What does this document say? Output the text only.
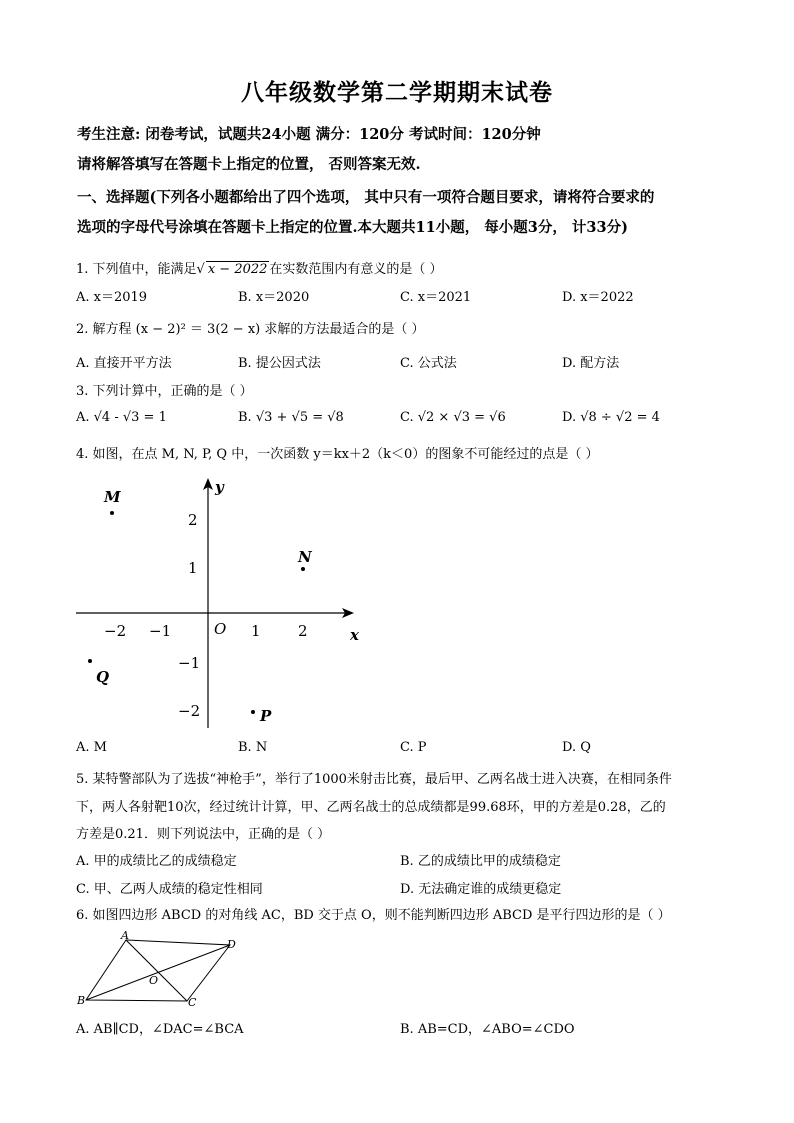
八年级数学第二学期期末试卷
考生注意: 闭卷考试，试题共24小题 满分：120分 考试时间：120分钟
请将解答填写在答题卡上指定的位置， 否则答案无效.
一、选择题(下列各小题都给出了四个选项， 其中只有一项符合题目要求，请将符合要求的
选项的字母代号涂填在答题卡上指定的位置.本大题共11小题， 每小题3分， 计33分)
1. 下列值中，能满足√ x − 2022 在实数范围内有意义的是（ ）
A. x＝2019	B. x＝2020	C. x＝2021	D. x＝2022
2. 解方程 (x − 2)² ＝ 3(2 − x) 求解的方法最适合的是（ ）
A. 直接开平方法	B. 提公因式法	C. 公式法	D. 配方法
3. 下列计算中，正确的是（ ）
A. √4 - √3 = 1	B. √3 + √5 = √8	C. √2 × √3 = √6	D. √8 ÷ √2 = 4
4. 如图，在点 M, N, P, Q 中，一次函数 y＝kx＋2（k＜0）的图象不可能经过的点是（ ）
x
y
O
−2 −1	1 2
2
1
−1
−2
M
N
P
Q
A. M	B. N	C. P	D. Q
5. 某特警部队为了选拔“神枪手”，举行了1000米射击比赛，最后甲、乙两名战士进入决赛，在相同条件
下，两人各射靶10次，经过统计计算，甲、乙两名战士的总成绩都是99.68环，甲的方差是0.28，乙的
方差是0.21．则下列说法中，正确的是（ ）
A. 甲的成绩比乙的成绩稳定	B. 乙的成绩比甲的成绩稳定
C. 甲、乙两人成绩的稳定性相同	D. 无法确定谁的成绩更稳定
6. 如图四边形 ABCD 的对角线 AC，BD 交于点 O，则不能判断四边形 ABCD 是平行四边形的是（ ）
A
B	C
D
O
A. AB∥CD，∠DAC=∠BCA	B. AB=CD，∠ABO=∠CDO
